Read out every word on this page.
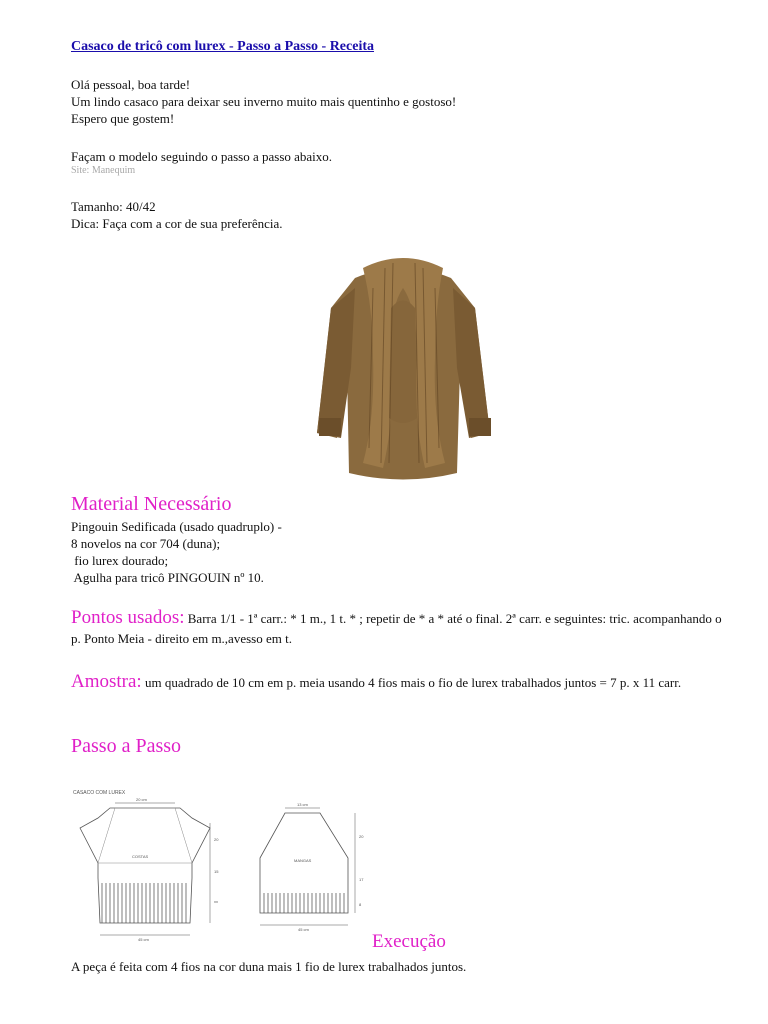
Casaco de tricô com lurex - Passo a Passo - Receita
Olá pessoal, boa tarde!
Um lindo casaco para deixar seu inverno muito mais quentinho e gostoso!
Espero que gostem!
Façam o modelo seguindo o passo a passo abaixo.
Site: Manequim
Tamanho: 40/42
Dica: Faça com a cor de sua preferência.
Material Necessário
Pingouin Sedificada (usado quadruplo) -
8 novelos na cor 704 (duna);
fio lurex dourado;
Agulha para tricô PINGOUIN nº 10.
Pontos usados: Barra 1/1 - 1ª carr.: * 1 m., 1 t. * ; repetir de * a * até o final. 2ª carr. e seguintes: tric. acompanhando o p. Ponto Meia - direito em m.,avesso em t.
Amostra: um quadrado de 10 cm em p. meia usando 4 fios mais o fio de lurex trabalhados juntos = 7 p. x 11 carr.
Passo a Passo
CASACO COM LUREX
20 cm
45 cm
COSTAS
20
15
xx
13 cm
45 cm
MANGAS
20
17
8
Execução
A peça é feita com 4 fios na cor duna mais 1 fio de lurex trabalhados juntos.
